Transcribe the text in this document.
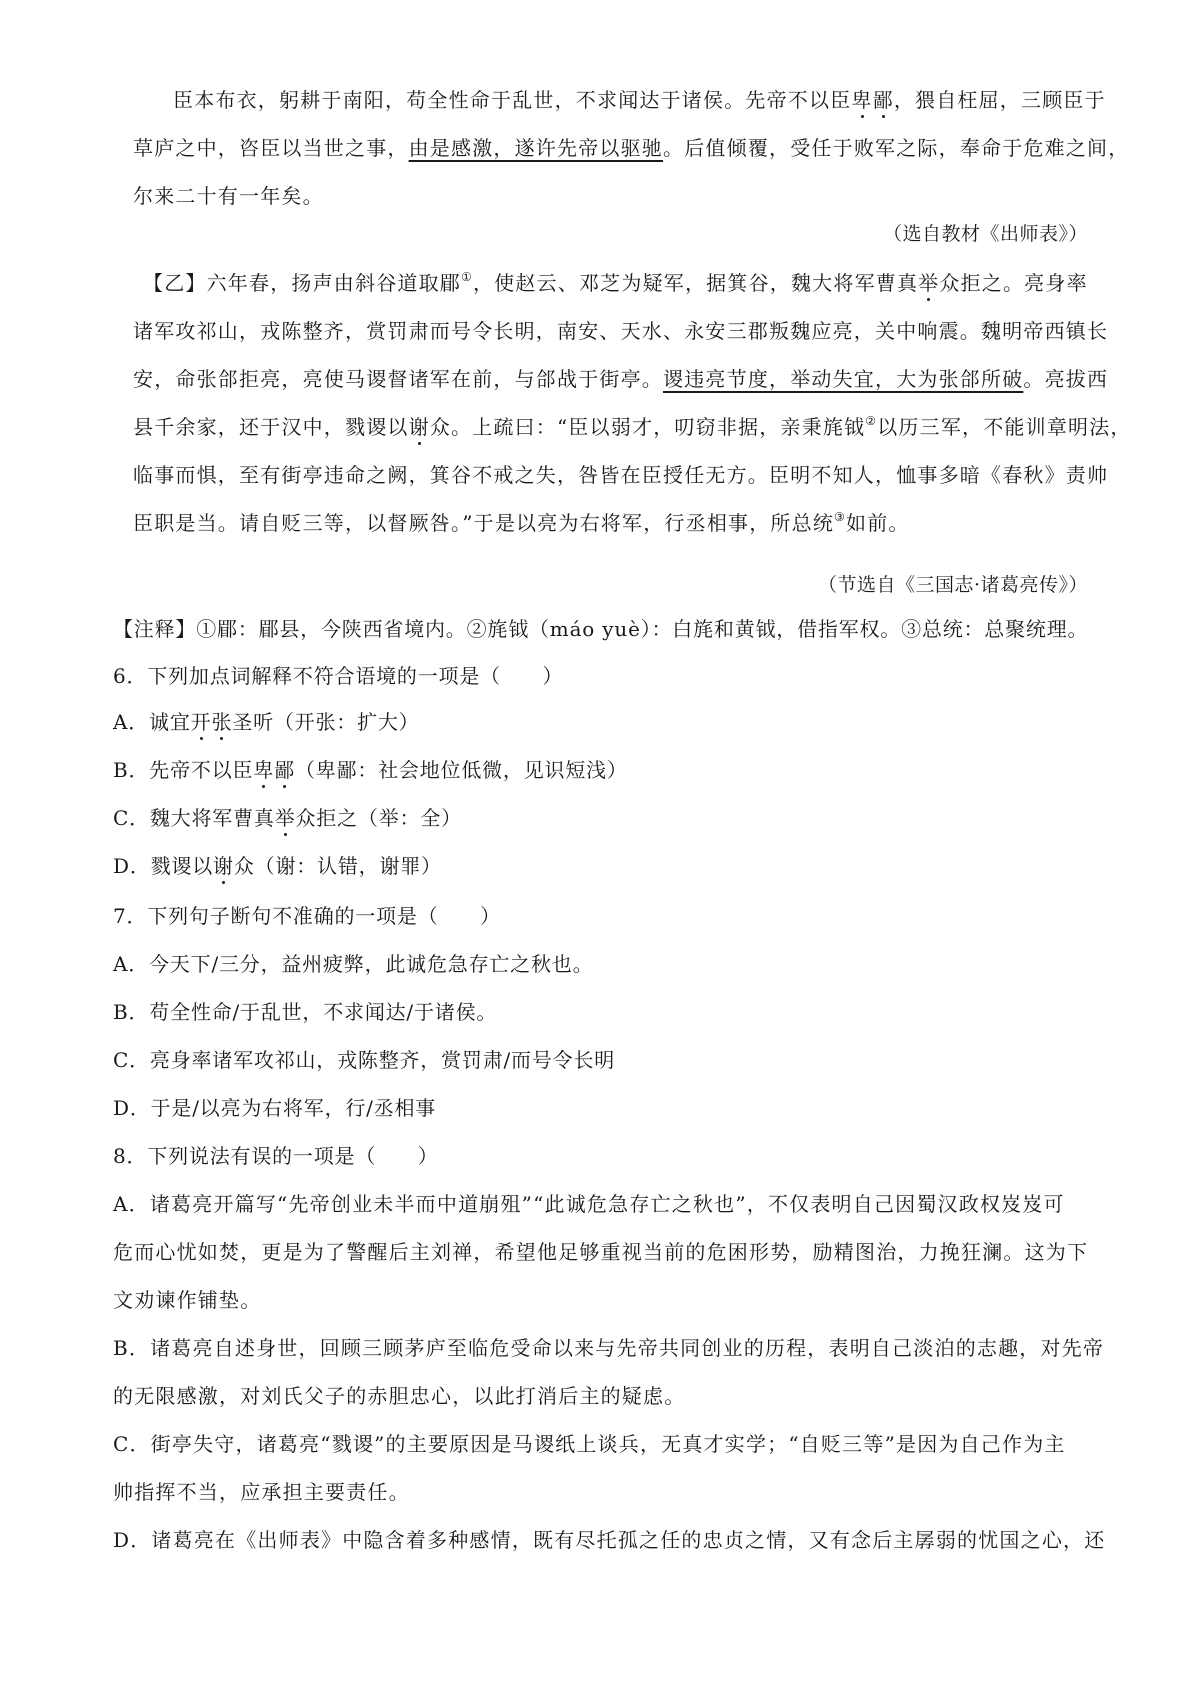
臣本布衣，躬耕于南阳，苟全性命于乱世，不求闻达于诸侯。先帝不以臣卑鄙，猥自枉屈，三顾臣于
草庐之中，咨臣以当世之事，由是感激，遂许先帝以驱驰。后值倾覆，受任于败军之际，奉命于危难之间，
尔来二十有一年矣。
（选自教材《出师表》）
【乙】六年春，扬声由斜谷道取郿①，使赵云、邓芝为疑军，据箕谷，魏大将军曹真举众拒之。亮身率
诸军攻祁山，戎陈整齐，赏罚肃而号令长明，南安、天水、永安三郡叛魏应亮，关中响震。魏明帝西镇长
安，命张郃拒亮，亮使马谡督诸军在前，与郃战于街亭。谡违亮节度，举动失宜，大为张郃所破。亮拔西
县千余家，还于汉中，戮谡以谢众。上疏曰：“臣以弱才，叨窃非据，亲秉旄钺②以历三军，不能训章明法，
临事而惧，至有街亭违命之阙，箕谷不戒之失，咎皆在臣授任无方。臣明不知人，恤事多暗《春秋》责帅
臣职是当。请自贬三等，以督厥咎。”于是以亮为右将军，行丞相事，所总统③如前。
（节选自《三国志·诸葛亮传》）
【注释】①郿：郿县，今陕西省境内。②旄钺（máo yuè）：白旄和黄钺，借指军权。③总统：总聚统理。
6．下列加点词解释不符合语境的一项是（　　）
A．诚宜开张圣听（开张：扩大）
B．先帝不以臣卑鄙（卑鄙：社会地位低微，见识短浅）
C．魏大将军曹真举众拒之（举：全）
D．戮谡以谢众（谢：认错，谢罪）
7．下列句子断句不准确的一项是（　　）
A．今天下/三分，益州疲弊，此诚危急存亡之秋也。
B．苟全性命/于乱世，不求闻达/于诸侯。
C．亮身率诸军攻祁山，戎陈整齐，赏罚肃/而号令长明
D．于是/以亮为右将军，行/丞相事
8．下列说法有误的一项是（　　）
A．诸葛亮开篇写“先帝创业未半而中道崩殂”“此诚危急存亡之秋也”，不仅表明自己因蜀汉政权岌岌可
危而心忧如焚，更是为了警醒后主刘禅，希望他足够重视当前的危困形势，励精图治，力挽狂澜。这为下
文劝谏作铺垫。
B．诸葛亮自述身世，回顾三顾茅庐至临危受命以来与先帝共同创业的历程，表明自己淡泊的志趣，对先帝
的无限感激，对刘氏父子的赤胆忠心，以此打消后主的疑虑。
C．街亭失守，诸葛亮“戮谡”的主要原因是马谡纸上谈兵，无真才实学；“自贬三等”是因为自己作为主
帅指挥不当，应承担主要责任。
D．诸葛亮在《出师表》中隐含着多种感情，既有尽托孤之任的忠贞之情，又有念后主孱弱的忧国之心，还
